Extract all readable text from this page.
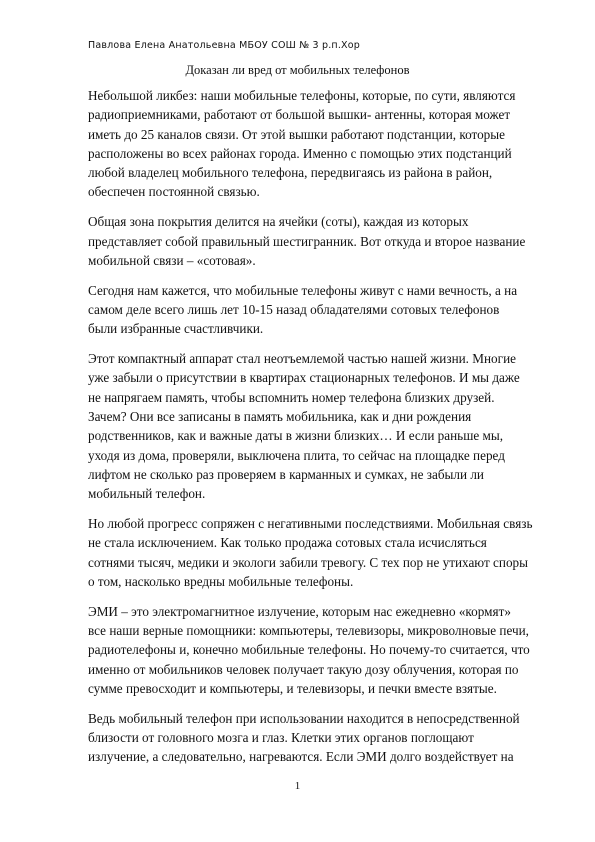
Павлова Елена Анатольевна МБОУ СОШ № 3 р.п.Хор
Доказан ли вред от мобильных телефонов

Небольшой ликбез: наши мобильные телефоны, которые, по сути, являются
радиоприемниками, работают от большой вышки- антенны, которая может
иметь до 25 каналов связи. От этой вышки работают подстанции, которые
расположены во всех районах города. Именно с помощью этих подстанций
любой владелец мобильного телефона, передвигаясь из района в район,
обеспечен постоянной связью.

Общая зона покрытия делится на ячейки (соты), каждая из которых
представляет собой правильный шестигранник. Вот откуда и второе название
мобильной связи – «сотовая».

Сегодня нам кажется, что мобильные телефоны живут с нами вечность, а на
самом деле всего лишь лет 10-15 назад обладателями сотовых телефонов
были избранные счастливчики.

Этот компактный аппарат стал неотъемлемой частью нашей жизни. Многие
уже забыли о присутствии в квартирах стационарных телефонов. И мы даже
не напрягаем память, чтобы вспомнить номер телефона близких друзей.
Зачем? Они все записаны в память мобильника, как и дни рождения
родственников, как и важные даты в жизни близких… И если раньше мы,
уходя из дома, проверяли, выключена плита, то сейчас на площадке перед
лифтом не сколько раз проверяем в карманных и сумках, не забыли ли
мобильный телефон.

Но любой прогресс сопряжен с негативными последствиями. Мобильная связь
не стала исключением. Как только продажа сотовых стала исчисляться
сотнями тысяч, медики и экологи забили тревогу. С тех пор не утихают споры
о том, насколько вредны мобильные телефоны.

ЭМИ – это электромагнитное излучение, которым нас ежедневно «кормят»
все наши верные помощники: компьютеры, телевизоры, микроволновые печи,
радиотелефоны и, конечно мобильные телефоны. Но почему-то считается, что
именно от мобильников человек получает такую дозу облучения, которая по
сумме превосходит и компьютеры, и телевизоры, и печки вместе взятые.

Ведь мобильный телефон при использовании находится в непосредственной
близости от головного мозга и глаз. Клетки этих органов поглощают
излучение, а следовательно, нагреваются. Если ЭМИ долго воздействует на

1
